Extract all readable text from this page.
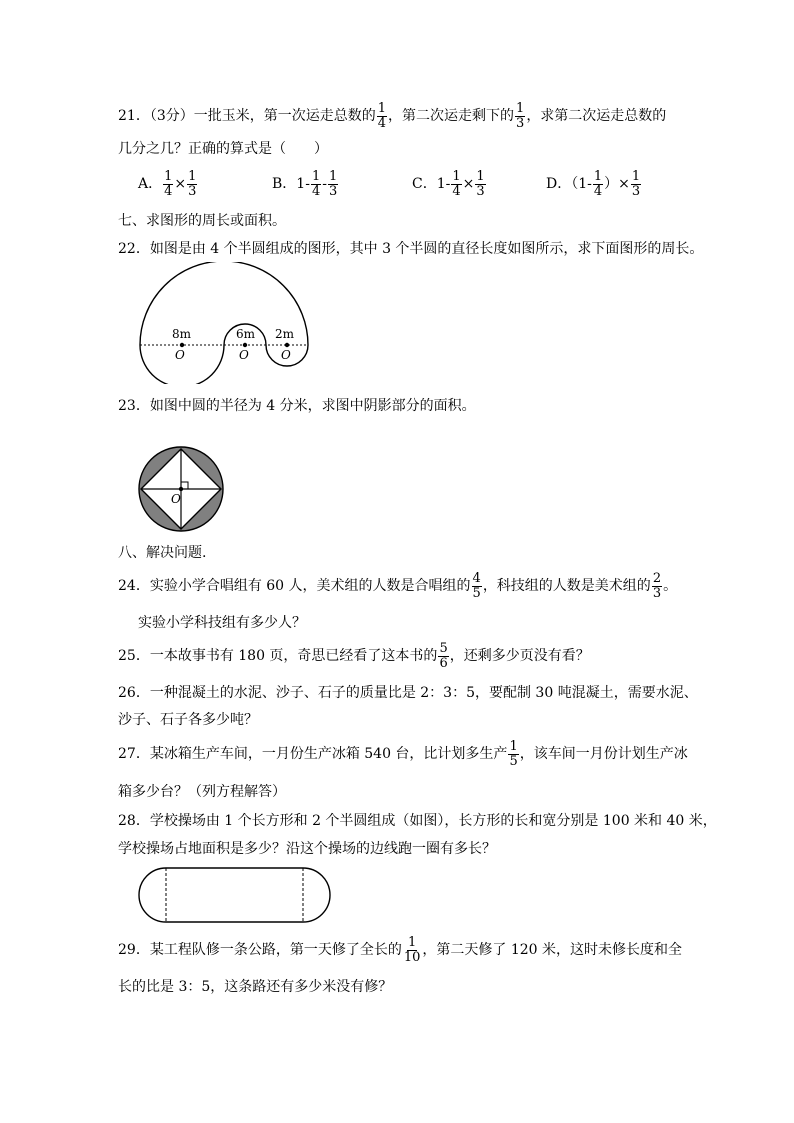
21．（3分）一批玉米，第一次运走总数的 $\frac{1}{4}$ ，第二次运走剩下的 $\frac{1}{3}$ ，求第二次运走总数的
几分之几？正确的算式是（　　）
A． $\frac{1}{4} \times \frac{1}{3}$	B．$1- \frac{1}{4} - \frac{1}{3}$	C．$1- \frac{1}{4} \times \frac{1}{3}$	D．（$1- \frac{1}{4}$ ）× $\frac{1}{3}$
七、求图形的周长或面积。
22．如图是由 4 个半圆组成的图形，其中 3 个半圆的直径长度如图所示，求下面图形的周长。
8m	6m 2m
O	O	O
23．如图中圆的半径为 4 分米，求图中阴影部分的面积。
O
八、解决问题.
24．实验小学合唱组有 60 人，美术组的人数是合唱组的 $\frac{4}{5}$ ，科技组的人数是美术组的 $\frac{2}{3}$ 。
实验小学科技组有多少人？
25．一本故事书有 180 页，奇思已经看了这本书的 $\frac{5}{6}$ ，还剩多少页没有看？
26．一种混凝土的水泥、沙子、石子的质量比是 2：3：5，要配制 30 吨混凝土，需要水泥、
沙子、石子各多少吨？
27．某冰箱生产车间，一月份生产冰箱 540 台，比计划多生产 $\frac{1}{5}$ ，该车间一月份计划生产冰
箱多少台？（列方程解答）
28．学校操场由 1 个长方形和 2 个半圆组成（如图），长方形的长和宽分别是 100 米和 40 米，
学校操场占地面积是多少？沿这个操场的边线跑一圈有多长？
29．某工程队修一条公路，第一天修了全长的 $\frac{1}{10}$ ，第二天修了 120 米，这时未修长度和全
长的比是 3：5，这条路还有多少米没有修？
